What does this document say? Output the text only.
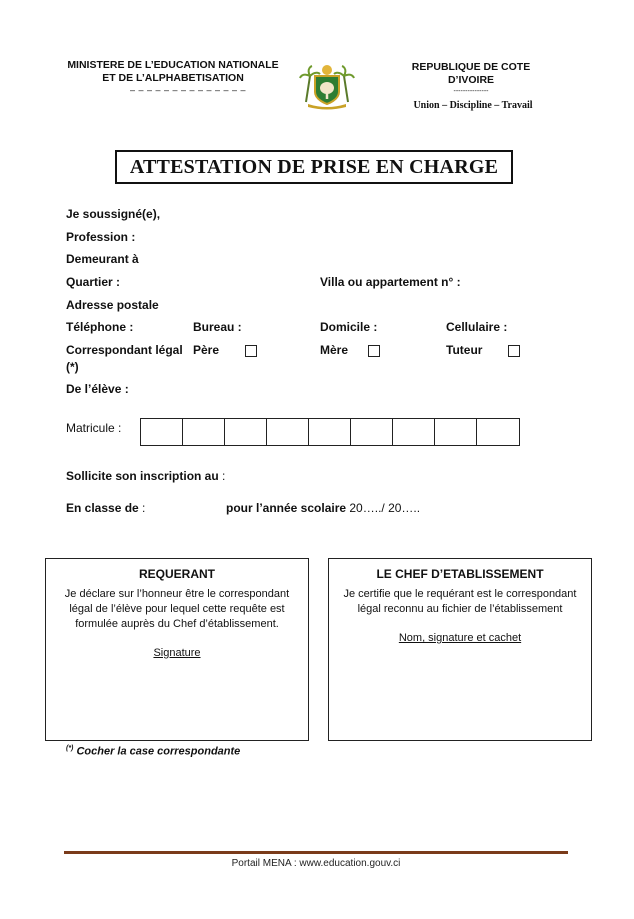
MINISTERE DE L’EDUCATION NATIONALE
ET DE L’ALPHABETISATION
– – – – – – – – – – – – – –
REPUBLIQUE DE COTE D’IVOIRE
---------------
Union – Discipline – Travail
ATTESTATION DE PRISE EN CHARGE
Je soussigné(e),
Profession :
Demeurant à
Quartier :	Villa ou appartement n° :
Adresse postale
Téléphone :	Bureau :	Domicile :	Cellulaire :
Correspondant légal
(*)
Père	Mère	Tuteur
De l’élève :
Matricule :
Sollicite son inscription au :
En classe de :	pour l’année scolaire 20…../ 20…..
REQUERANT
Je déclare sur l’honneur être le correspondant
légal de l’élève pour lequel cette requête est
formulée auprès du Chef d’établissement.
Signature
LE CHEF D’ETABLISSEMENT
Je certifie que le requérant est le correspondant
légal reconnu au fichier de l’établissement
Nom, signature et cachet
(*) Cocher la case correspondante
Portail MENA : www.education.gouv.ci
